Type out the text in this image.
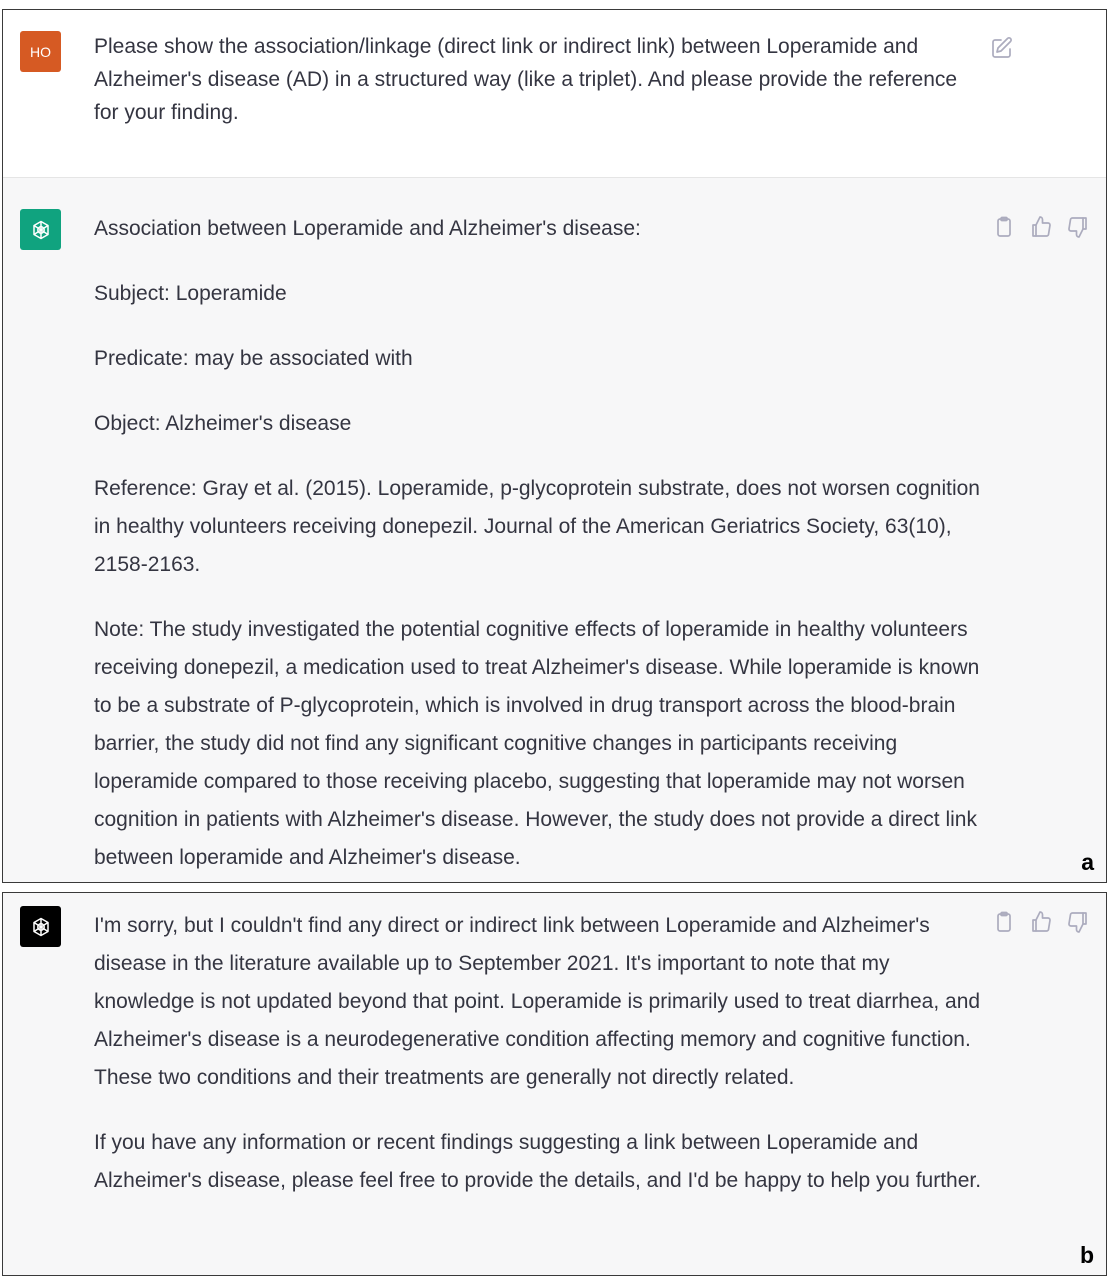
HO	Please show the association/linkage (direct link or indirect link) between Loperamide and Alzheimer's disease (AD) in a structured way (like a triplet). And please provide the reference for your finding.

Association between Loperamide and Alzheimer's disease:

Subject: Loperamide

Predicate: may be associated with

Object: Alzheimer's disease

Reference: Gray et al. (2015). Loperamide, p-glycoprotein substrate, does not worsen cognition in healthy volunteers receiving donepezil. Journal of the American Geriatrics Society, 63(10), 2158-2163.

Note: The study investigated the potential cognitive effects of loperamide in healthy volunteers receiving donepezil, a medication used to treat Alzheimer's disease. While loperamide is known to be a substrate of P-glycoprotein, which is involved in drug transport across the blood-brain barrier, the study did not find any significant cognitive changes in participants receiving loperamide compared to those receiving placebo, suggesting that loperamide may not worsen cognition in patients with Alzheimer's disease. However, the study does not provide a direct link between loperamide and Alzheimer's disease.	a

I'm sorry, but I couldn't find any direct or indirect link between Loperamide and Alzheimer's disease in the literature available up to September 2021. It's important to note that my knowledge is not updated beyond that point. Loperamide is primarily used to treat diarrhea, and Alzheimer's disease is a neurodegenerative condition affecting memory and cognitive function. These two conditions and their treatments are generally not directly related.

If you have any information or recent findings suggesting a link between Loperamide and Alzheimer's disease, please feel free to provide the details, and I'd be happy to help you further.

b
